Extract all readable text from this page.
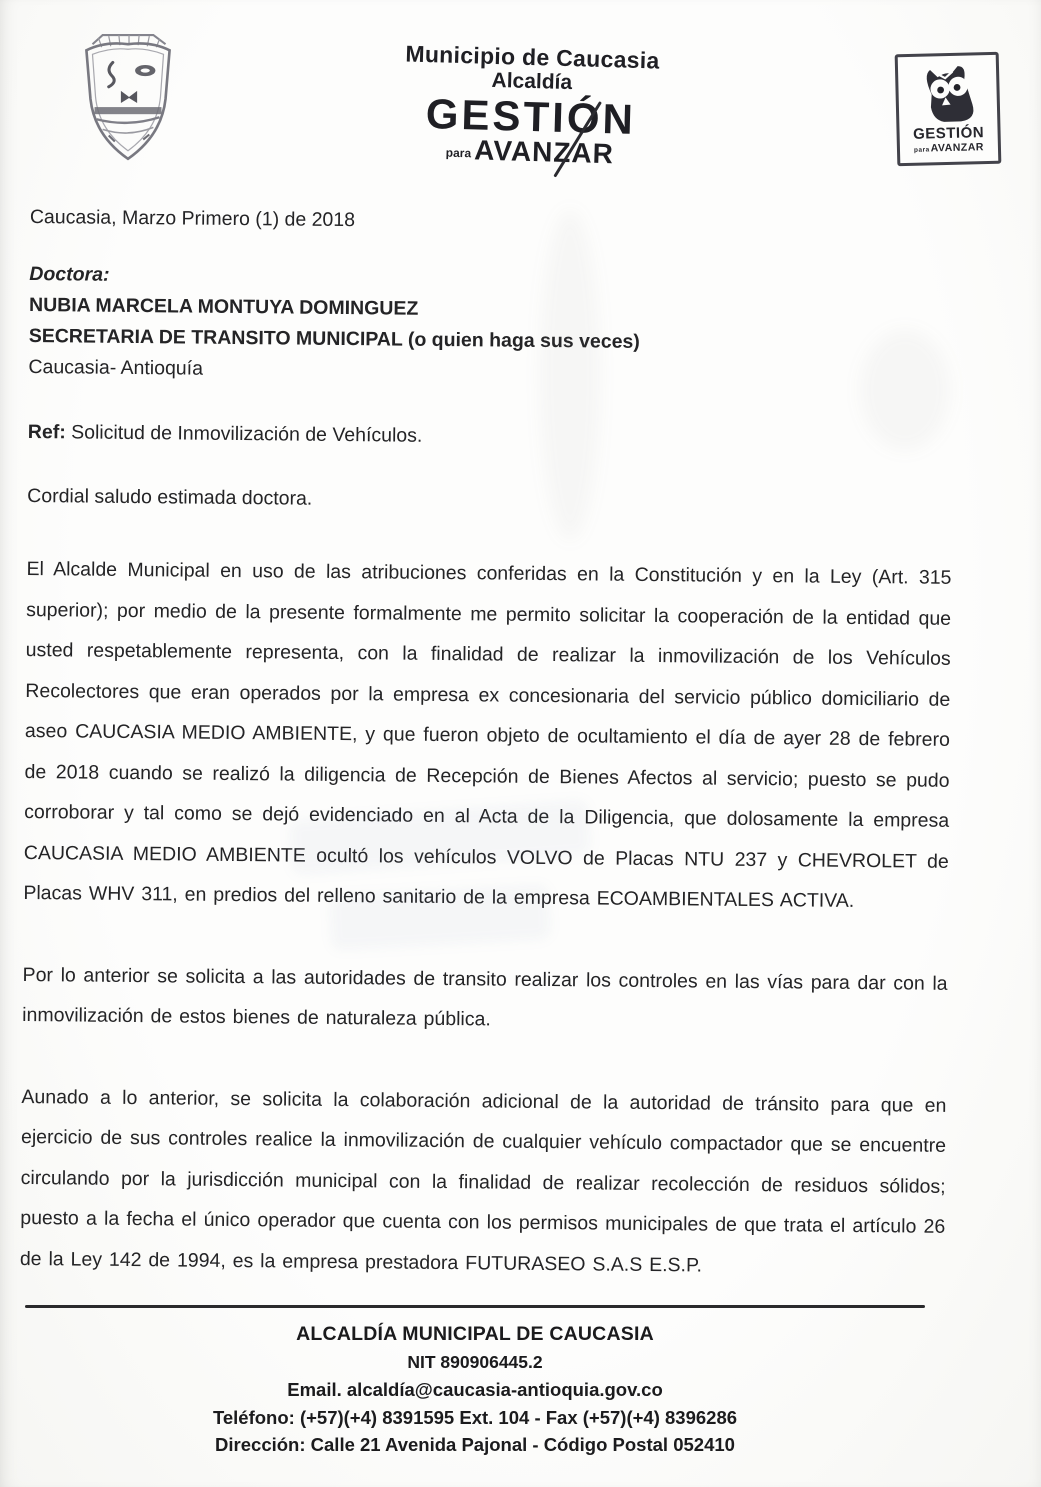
Municipio de Caucasia
Alcaldía
GESTIÓN
paraAVANZAR
GESTIÓN
paraAVANZAR

Caucasia, Marzo Primero (1) de 2018

Doctora:

NUBIA MARCELA MONTUYA DOMINGUEZ

SECRETARIA DE TRANSITO MUNICIPAL (o quien haga sus veces)

Caucasia- Antioquía

Ref: Solicitud de Inmovilización de Vehículos.

Cordial saludo estimada doctora.

El Alcalde Municipal en uso de las atribuciones conferidas en la Constitución y en la Ley (Art. 315 superior); por medio de la presente formalmente me permito solicitar la cooperación de la entidad que usted respetablemente representa, con la finalidad de realizar la inmovilización de los Vehículos Recolectores que eran operados por la empresa ex concesionaria del servicio público domiciliario de aseo CAUCASIA MEDIO AMBIENTE, y que fueron objeto de ocultamiento el día de ayer 28 de febrero de 2018 cuando se realizó la diligencia de Recepción de Bienes Afectos al servicio; puesto se pudo corroborar y tal como se dejó evidenciado en al Acta de la Diligencia, que dolosamente la empresa CAUCASIA MEDIO AMBIENTE ocultó los vehículos VOLVO de Placas NTU 237 y CHEVROLET de Placas WHV 311, en predios del relleno sanitario de la empresa ECOAMBIENTALES ACTIVA.

Por lo anterior se solicita a las autoridades de transito realizar los controles en las vías para dar con la inmovilización de estos bienes de naturaleza pública.

Aunado a lo anterior, se solicita la colaboración adicional de la autoridad de tránsito para que en ejercicio de sus controles realice la inmovilización de cualquier vehículo compactador que se encuentre circulando por la jurisdicción municipal con la finalidad de realizar recolección de residuos sólidos; puesto a la fecha el único operador que cuenta con los permisos municipales de que trata el artículo 26 de la Ley 142 de 1994, es la empresa prestadora FUTURASEO S.A.S E.S.P.

ALCALDÍA MUNICIPAL DE CAUCASIA

NIT 890906445.2

Email. alcaldía@caucasia-antioquia.gov.co

Teléfono: (+57)(+4) 8391595 Ext. 104 - Fax (+57)(+4) 8396286

Dirección: Calle 21 Avenida Pajonal - Código Postal 052410
